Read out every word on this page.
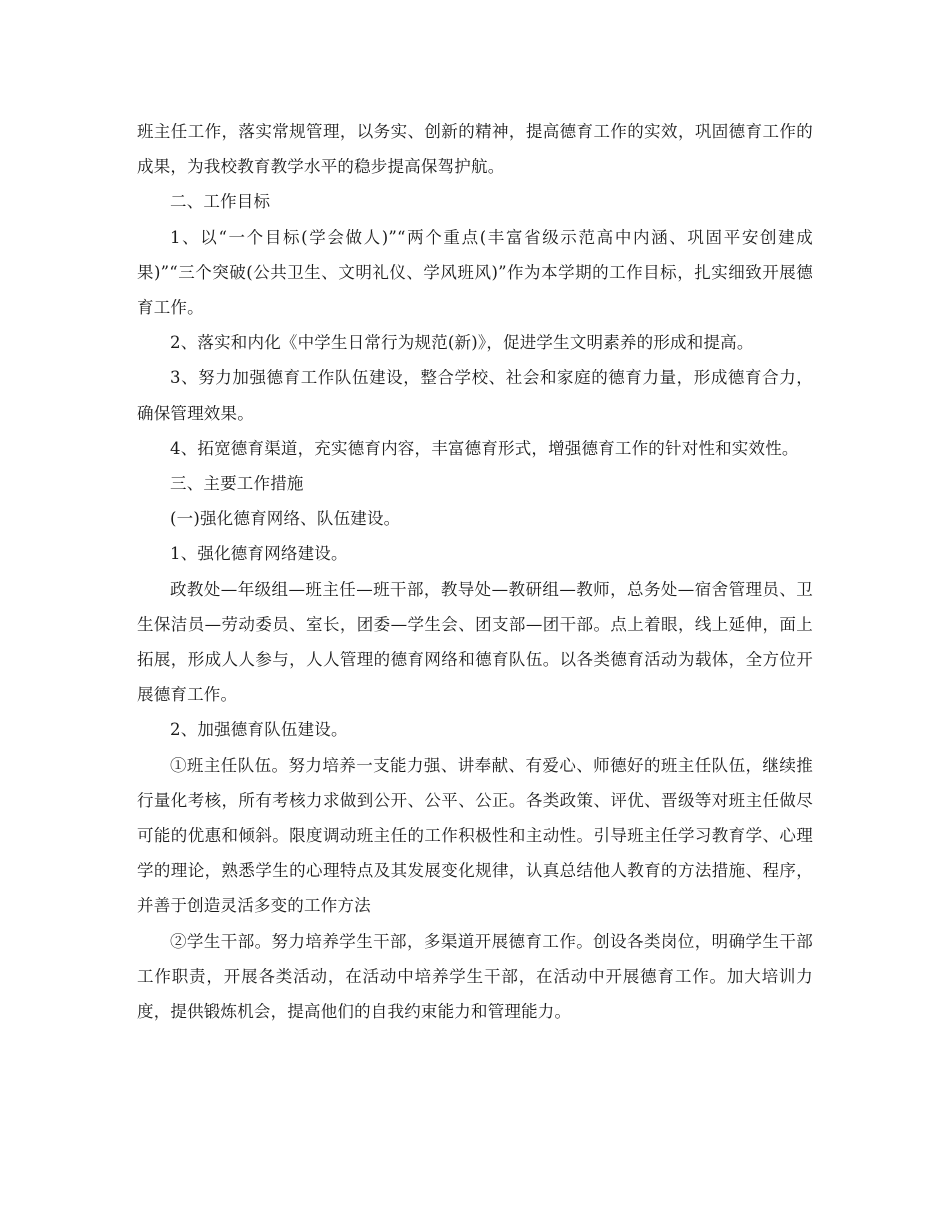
班主任工作，落实常规管理，以务实、创新的精神，提高德育工作的实效，巩固德育工作的成果，为我校教育教学水平的稳步提高保驾护航。

二、工作目标

1、以“一个目标(学会做人)”“两个重点(丰富省级示范高中内涵、巩固平安创建成果)”“三个突破(公共卫生、文明礼仪、学风班风)”作为本学期的工作目标，扎实细致开展德育工作。

2、落实和内化《中学生日常行为规范(新)》，促进学生文明素养的形成和提高。

3、努力加强德育工作队伍建设，整合学校、社会和家庭的德育力量，形成德育合力，确保管理效果。

4、拓宽德育渠道，充实德育内容，丰富德育形式，增强德育工作的针对性和实效性。

三、主要工作措施

(一)强化德育网络、队伍建设。

1、强化德育网络建设。

政教处—年级组—班主任—班干部，教导处—教研组—教师，总务处—宿舍管理员、卫生保洁员—劳动委员、室长，团委—学生会、团支部—团干部。点上着眼，线上延伸，面上拓展，形成人人参与，人人管理的德育网络和德育队伍。以各类德育活动为载体，全方位开展德育工作。

2、加强德育队伍建设。

①班主任队伍。努力培养一支能力强、讲奉献、有爱心、师德好的班主任队伍，继续推行量化考核，所有考核力求做到公开、公平、公正。各类政策、评优、晋级等对班主任做尽可能的优惠和倾斜。限度调动班主任的工作积极性和主动性。引导班主任学习教育学、心理学的理论，熟悉学生的心理特点及其发展变化规律，认真总结他人教育的方法措施、程序，并善于创造灵活多变的工作方法

②学生干部。努力培养学生干部，多渠道开展德育工作。创设各类岗位，明确学生干部工作职责，开展各类活动，在活动中培养学生干部，在活动中开展德育工作。加大培训力度，提供锻炼机会，提高他们的自我约束能力和管理能力。
